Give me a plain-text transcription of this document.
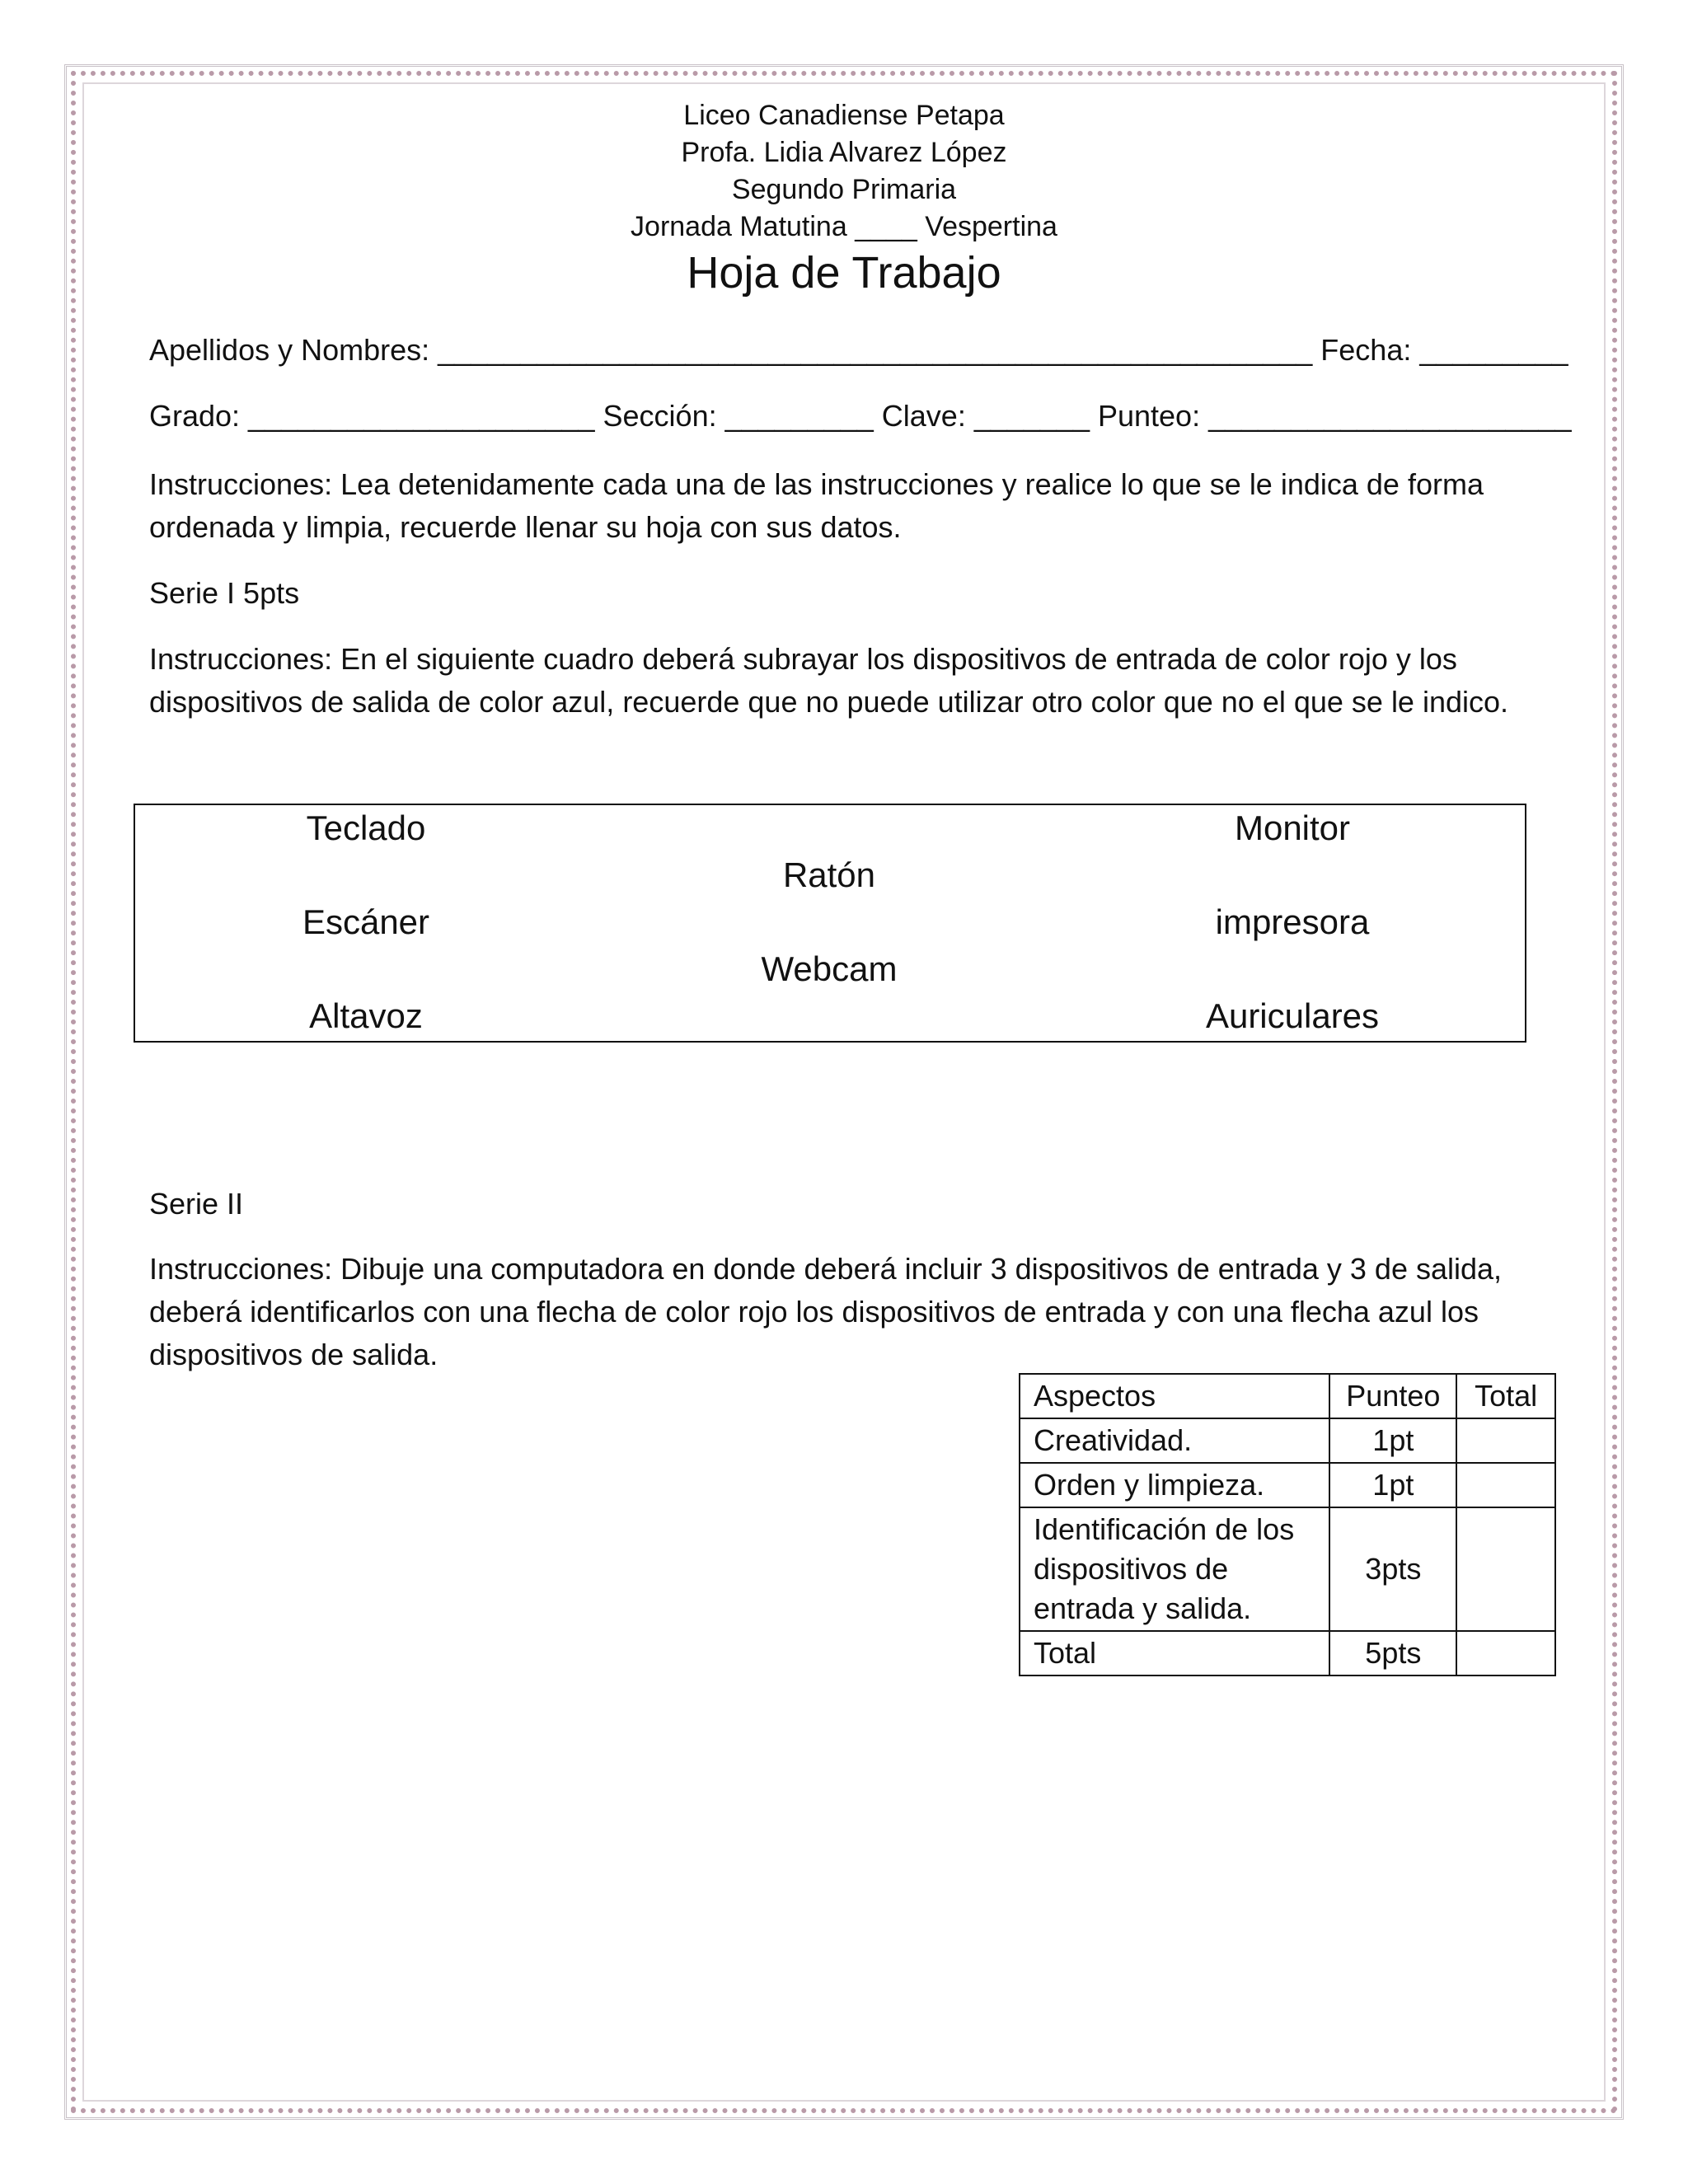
Liceo Canadiense Petapa
Profa. Lidia Alvarez López
Segundo Primaria
Jornada Matutina ____ Vespertina
Hoja de Trabajo
Apellidos y Nombres: _____________________________________________________ Fecha: _________
Grado: _____________________ Sección: _________ Clave: _______ Punteo: ______________________
Instrucciones: Lea detenidamente cada una de las instrucciones y realice lo que se le indica de forma ordenada y limpia, recuerde llenar su hoja con sus datos.
Serie I 5pts
Instrucciones: En el siguiente cuadro deberá subrayar los dispositivos de entrada de color rojo y los dispositivos de salida de color azul, recuerde que no puede utilizar otro color que no el que se le indico.
Teclado	Monitor
Ratón
Escáner	impresora
Webcam
Altavoz	Auriculares
Serie II
Instrucciones: Dibuje una computadora en donde deberá incluir 3 dispositivos de entrada y 3 de salida, deberá identificarlos con una flecha de color rojo los dispositivos de entrada y con una flecha azul los dispositivos de salida.
Aspectos	Punteo	Total
Creatividad.	1pt	
Orden y limpieza.	1pt	
Identificación de los dispositivos de entrada y salida.	3pts	
Total	5pts	
